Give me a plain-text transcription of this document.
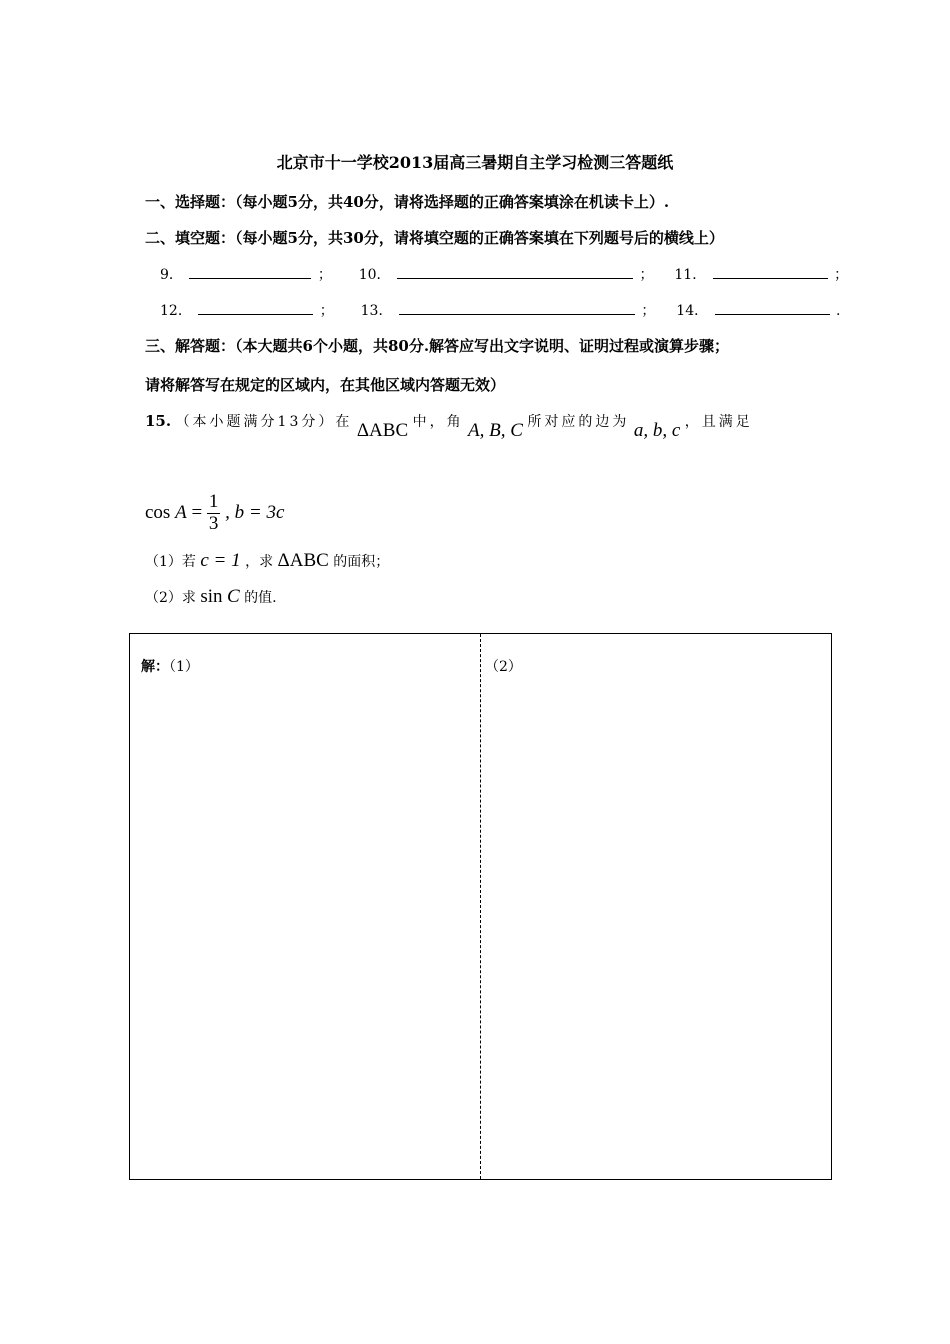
北京市十一学校2013届高三暑期自主学习检测三答题纸
一、选择题：（每小题5分，共40分，请将选择题的正确答案填涂在机读卡上）.
二、填空题：（每小题5分，共30分，请将填空题的正确答案填在下列题号后的横线上）
9．	； 10．	； 11．	；
12．	； 13．	； 14．	.
三、解答题：（本大题共6个小题，共80分.解答应写出文字说明、证明过程或演算步骤；
请将解答写在规定的区域内，在其他区域内答题无效）
15. （本小题满分13分）在 ΔABC 中，角 A, B, C 所对应的边为 a, b, c ，且满足
$\cos A = \frac{1}{3}$ , b = 3c
（1）若 c = 1 ，求 ΔABC 的面积；
（2）求 sin C 的值.
解：（1）	（2）
